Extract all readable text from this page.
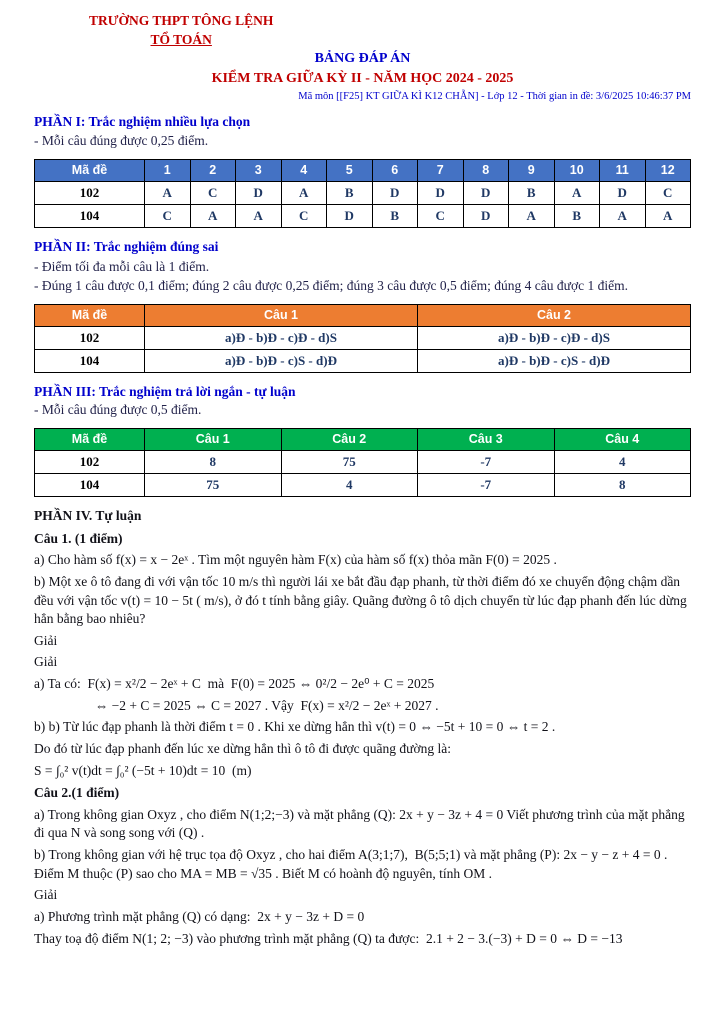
TRƯỜNG THPT TÔNG LỆNH
TỔ TOÁN
BẢNG ĐÁP ÁN
KIỂM TRA GIỮA KỲ II - NĂM HỌC 2024 - 2025
Mã môn [[F25] KT GIỮA KÌ K12 CHẴN] - Lớp 12 - Thời gian in đề: 3/6/2025 10:46:37 PM
PHẦN I: Trắc nghiệm nhiều lựa chọn
- Mỗi câu đúng được 0,25 điểm.
Mã đề	1	2	3	4	5	6	7	8	9	10	11	12
102	A	C	D	A	B	D	D	D	B	A	D	C
104	C	A	A	C	D	B	C	D	A	B	A	A
PHẦN II: Trắc nghiệm đúng sai
- Điểm tối đa mỗi câu là 1 điểm.
- Đúng 1 câu được 0,1 điểm; đúng 2 câu được 0,25 điểm; đúng 3 câu được 0,5 điểm; đúng 4 câu được 1 điểm.
Mã đề	Câu 1	Câu 2
102	a)Đ - b)Đ - c)Đ - d)S	a)Đ - b)Đ - c)Đ - d)S
104	a)Đ - b)Đ - c)S - d)Đ	a)Đ - b)Đ - c)S - d)Đ
PHẦN III: Trắc nghiệm trả lời ngắn - tự luận
- Mỗi câu đúng được 0,5 điểm.
Mã đề	Câu 1	Câu 2	Câu 3	Câu 4
102	8	75	-7	4
104	75	4	-7	8
PHẦN IV. Tự luận
Câu 1. (1 điểm)
a) Cho hàm số f(x) = x − 2eˣ . Tìm một nguyên hàm F(x) của hàm số f(x) thỏa mãn F(0) = 2025 .
b) Một xe ô tô đang đi với vận tốc 10 m/s thì người lái xe bắt đầu đạp phanh, từ thời điểm đó xe chuyển động chậm dần đều với vận tốc v(t) = 10 − 5t ( m/s), ở đó t tính bằng giây. Quãng đường ô tô dịch chuyển từ lúc đạp phanh đến lúc dừng hẳn bằng bao nhiêu?
Giải
Giải
a) Ta có:  F(x) = x²/2 − 2eˣ + C  mà  F(0) = 2025 ⇔ 0²/2 − 2e⁰ + C = 2025
⇔ −2 + C = 2025 ⇔ C = 2027 . Vậy  F(x) = x²/2 − 2eˣ + 2027 .
b) b) Từ lúc đạp phanh là thời điểm t = 0 . Khi xe dừng hẳn thì v(t) = 0 ⇔ −5t + 10 = 0 ⇔ t = 2 .
Do đó từ lúc đạp phanh đến lúc xe dừng hẳn thì ô tô đi được quãng đường là:
S = ∫₀² v(t)dt = ∫₀² (−5t + 10)dt = 10  (m)
Câu 2.(1 điểm)
a) Trong không gian Oxyz , cho điểm N(1;2;−3) và mặt phẳng (Q): 2x + y − 3z + 4 = 0 Viết phương trình của mặt phẳng đi qua N và song song với (Q) .
b) Trong không gian với hệ trục tọa độ Oxyz , cho hai điểm A(3;1;7),  B(5;5;1) và mặt phẳng (P): 2x − y − z + 4 = 0 . Điểm M thuộc (P) sao cho MA = MB = √35 . Biết M có hoành độ nguyên, tính OM .
Giải
a) Phương trình mặt phẳng (Q) có dạng:  2x + y − 3z + D = 0
Thay toạ độ điểm N(1; 2; −3) vào phương trình mặt phẳng (Q) ta được:  2.1 + 2 − 3.(−3) + D = 0 ⇔ D = −13
